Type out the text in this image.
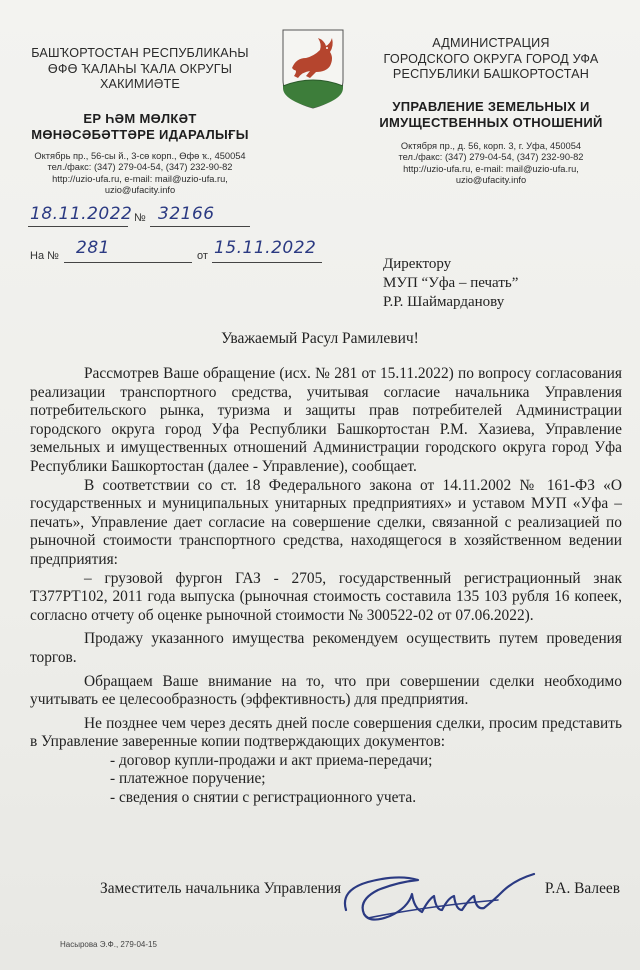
БАШҠОРТОСТАН РЕСПУБЛИКАҺЫ
ӨФӨ ҠАЛАҺЫ ҠАЛА ОКРУГЫ
ХАКИМИӘТЕ
ЕР ҺӘМ МӨЛКӘТ
МӨНӘСӘБӘТТӘРЕ ИДАРАЛЫҒЫ
Октябрь пр., 56-сы й., 3-сө корп., Өфө ҡ., 450054
тел./факс: (347) 279-04-54, (347) 232-90-82
http://uzio-ufa.ru, e-mail: mail@uzio-ufa.ru,
uzio@ufacity.info
АДМИНИСТРАЦИЯ
ГОРОДСКОГО ОКРУГА ГОРОД УФА
РЕСПУБЛИКИ БАШКОРТОСТАН
УПРАВЛЕНИЕ ЗЕМЕЛЬНЫХ И
ИМУЩЕСТВЕННЫХ ОТНОШЕНИЙ
Октября пр., д. 56, корп. 3, г. Уфа, 450054
тел./факс: (347) 279-04-54, (347) 232-90-82
http://uzio-ufa.ru, e-mail: mail@uzio-ufa.ru,
uzio@ufacity.info
18.11.2022 № 32166
На № 281	от 15.11.2022
Директору
МУП “Уфа – печать”
Р.Р. Шаймарданову
Уважаемый Расул Рамилевич!

Рассмотрев Ваше обращение (исх. № 281 от 15.11.2022) по вопросу согласования реализации транспортного средства, учитывая согласие начальника Управления потребительского рынка, туризма и защиты прав потребителей Администрации городского округа город Уфа Республики Башкортостан Р.М. Хазиева, Управление земельных и имущественных отношений Администрации городского округа город Уфа Республики Башкортостан (далее - Управление), сообщает.

В соответствии со ст. 18 Федерального закона от 14.11.2002 № 161-ФЗ «О государственных и муниципальных унитарных предприятиях» и уставом МУП «Уфа – печать», Управление дает согласие на совершение сделки, связанной с реализацией по рыночной стоимости транспортного средства, находящегося в хозяйственном ведении предприятия:

– грузовой фургон ГАЗ - 2705, государственный регистрационный знак Т377РТ102, 2011 года выпуска (рыночная стоимость составила 135 103 рубля 16 копеек, согласно отчету об оценке рыночной стоимости № 300522-02 от 07.06.2022).

Продажу указанного имущества рекомендуем осуществить путем проведения торгов.

Обращаем Ваше внимание на то, что при совершении сделки необходимо учитывать ее целесообразность (эффективность) для предприятия.

Не позднее чем через десять дней после совершения сделки, просим представить в Управление заверенные копии подтверждающих документов:

- договор купли-продажи и акт приема-передачи;

- платежное поручение;

- сведения о снятии с регистрационного учета.

Заместитель начальника Управления	Р.А. Валеев
Насырова Э.Ф., 279-04-15
